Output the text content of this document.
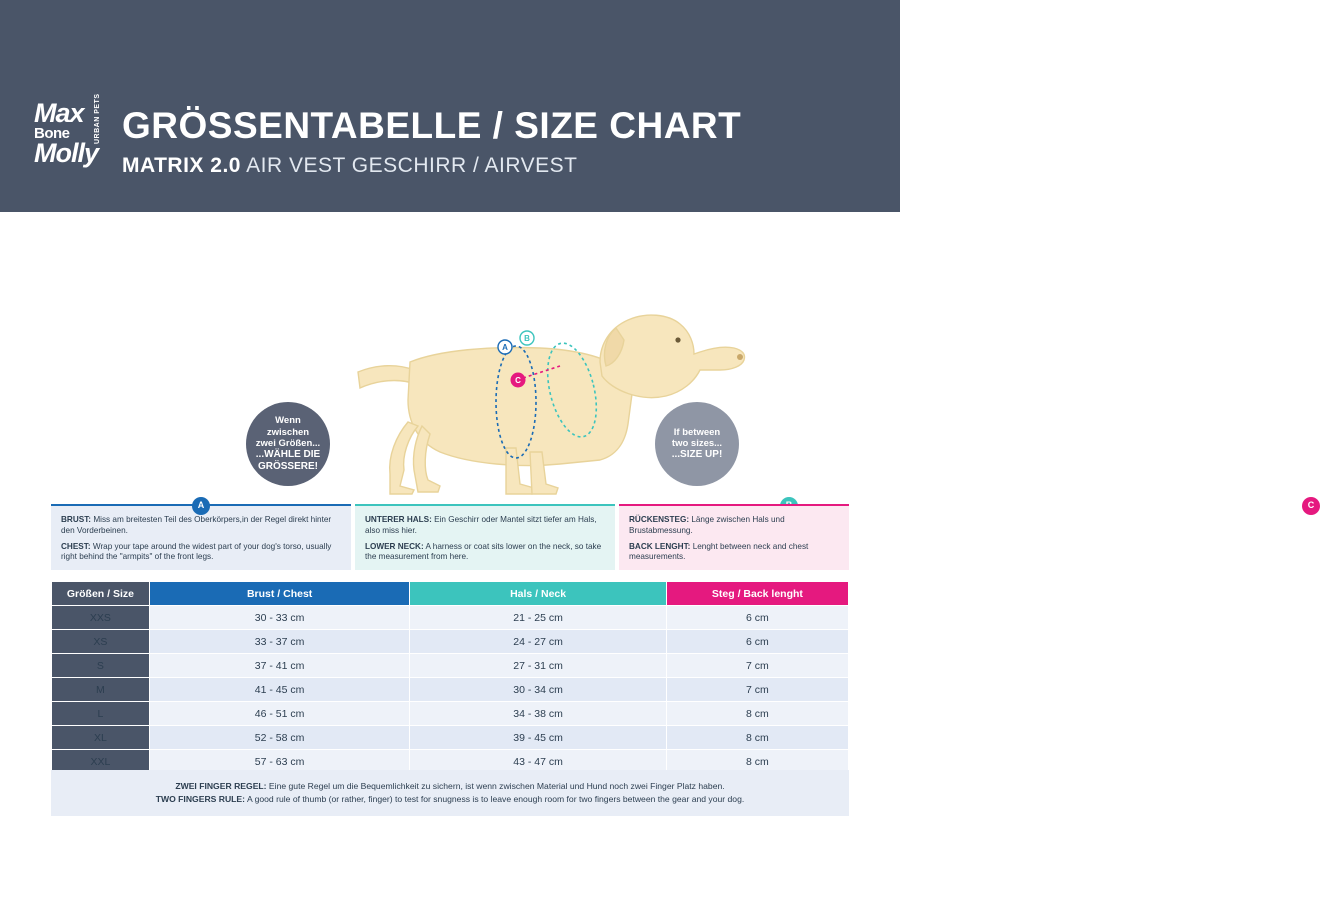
Max
Bone
Molly
URBAN PETS GRÖSSENTABELLE / SIZE CHART
MATRIX 2.0 AIR VEST GESCHIRR / AIRVEST
A
B
C
Wenn
zwischen
zwei Größen...

...WÄHLE DIE
GRÖSSERE!
If between
two sizes...

...SIZE UP!
A
BRUST: Miss am breitesten Teil des Oberkörpers,in der Regel direkt hinter den Vorderbeinen.
CHEST: Wrap your tape around the widest part of your dog's torso, usually right behind the "armpits" of the front legs.
UNTERER HALS: Ein Geschirr oder Mantel sitzt tiefer am Hals, also miss hier.
LOWER NECK: A harness or coat sits lower on the neck, so take the measurement from here.
C
RÜCKENSTEG: Länge zwischen Hals und Brustabmessung.
BACK LENGHT: Lenght between neck and chest measurements.
Größen / Size	Brust / Chest	Hals / Neck	Steg / Back lenght
XXS	30 - 33 cm	21 - 25 cm	6 cm
XS	33 - 37 cm	24 - 27 cm	6 cm
S	37 - 41 cm	27 - 31 cm	7 cm
M	41 - 45 cm	30 - 34 cm	7 cm
L	46 - 51 cm	34 - 38 cm	8 cm
XL	52 - 58 cm	39 - 45 cm	8 cm
XXL	57 - 63 cm	43 - 47 cm	8 cm
ZWEI FINGER REGEL: Eine gute Regel um die Bequemlichkeit zu sichern, ist wenn zwischen Material und Hund noch zwei Finger Platz haben.
TWO FINGERS RULE: A good rule of thumb (or rather, finger) to test for snugness is to leave enough room for two fingers between the gear and your dog.
